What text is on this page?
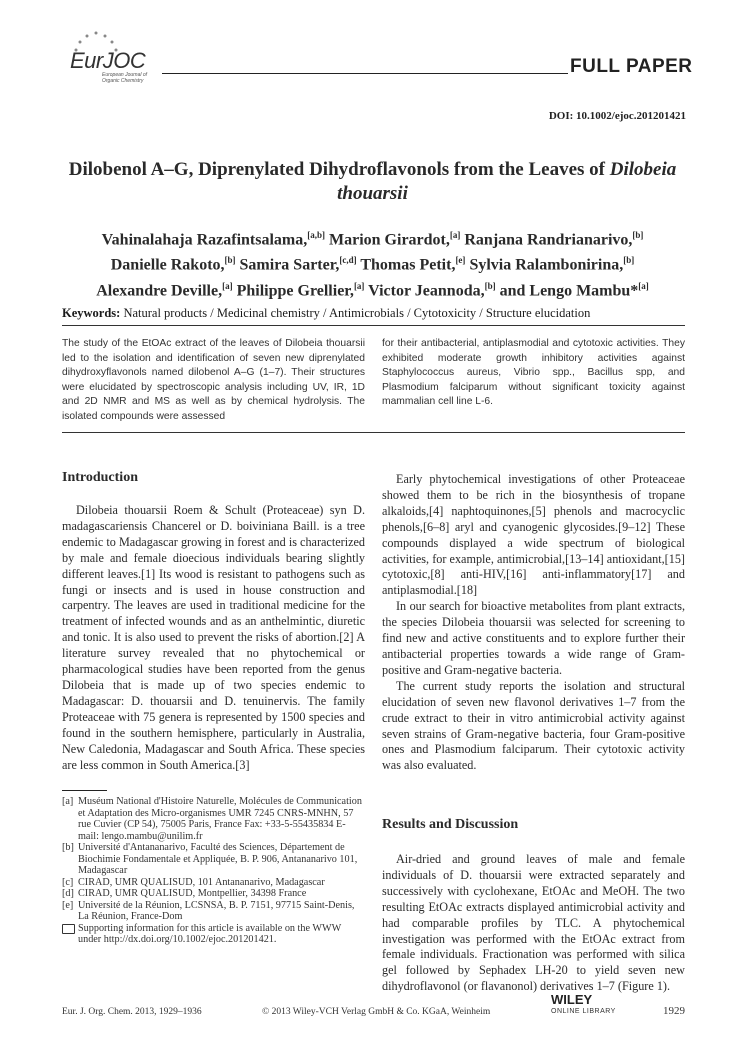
EurJOC
European Journal of Organic Chemistry
FULL PAPER
DOI: 10.1002/ejoc.201201421
Dilobenol A–G, Diprenylated Dihydroflavonols from the Leaves of Dilobeia thouarsii
Vahinalahaja Razafintsalama,[a,b] Marion Girardot,[a] Ranjana Randrianarivo,[b]
Danielle Rakoto,[b] Samira Sarter,[c,d] Thomas Petit,[e] Sylvia Ralambonirina,[b]
Alexandre Deville,[a] Philippe Grellier,[a] Victor Jeannoda,[b] and Lengo Mambu*[a]
Keywords: Natural products / Medicinal chemistry / Antimicrobials / Cytotoxicity / Structure elucidation
The study of the EtOAc extract of the leaves of Dilobeia thouarsii led to the isolation and identification of seven new diprenylated dihydroxyflavonols named dilobenol A–G (1–7). Their structures were elucidated by spectroscopic analysis including UV, IR, 1D and 2D NMR and MS as well as by chemical hydrolysis. The isolated compounds were assessed
for their antibacterial, antiplasmodial and cytotoxic activities. They exhibited moderate growth inhibitory activities against Staphylococcus aureus, Vibrio spp., Bacillus spp, and Plasmodium falciparum without significant toxicity against mammalian cell line L-6.
Introduction

Dilobeia thouarsii Roem & Schult (Proteaceae) syn D. madagascariensis Chancerel or D. boiviniana Baill. is a tree endemic to Madagascar growing in forest and is characterized by male and female dioecious individuals bearing slightly different leaves.[1] Its wood is resistant to pathogens such as fungi or insects and is used in house construction and carpentry. The leaves are used in traditional medicine for the treatment of infected wounds and as an anthelmintic, diuretic and tonic. It is also used to prevent the risks of abortion.[2] A literature survey revealed that no phytochemical or pharmacological studies have been reported from the genus Dilobeia that is made up of two species endemic to Madagascar: D. thouarsii and D. tenuinervis. The family Proteaceae with 75 genera is represented by 1500 species and found in the southern hemisphere, particularly in Australia, New Caledonia, Madagascar and South Africa. These species are less common in South America.[3]

[a] Muséum National d'Histoire Naturelle, Molécules de Communication et Adaptation des Micro-organismes UMR 7245 CNRS-MNHN, 57 rue Cuvier (CP 54), 75005 Paris, France Fax: +33-5-55435834 E-mail: lengo.mambu@unilim.fr
[b] Université d'Antananarivo, Faculté des Sciences, Département de Biochimie Fondamentale et Appliquée, B. P. 906, Antananarivo 101, Madagascar
[c] CIRAD, UMR QUALISUD, 101 Antananarivo, Madagascar
[d] CIRAD, UMR QUALISUD, Montpellier, 34398 France
[e] Université de la Réunion, LCSNSA, B. P. 7151, 97715 Saint-Denis, La Réunion, France-Dom
Supporting information for this article is available on the WWW under http://dx.doi.org/10.1002/ejoc.201201421.

Early phytochemical investigations of other Proteaceae showed them to be rich in the biosynthesis of tropane alkaloids,[4] naphtoquinones,[5] phenols and macrocyclic phenols,[6–8] aryl and cyanogenic glycosides.[9–12] These compounds displayed a wide spectrum of biological activities, for example, antimicrobial,[13–14] antioxidant,[15] cytotoxic,[8] anti-HIV,[16] anti-inflammatory[17] and antiplasmodial.[18]

In our search for bioactive metabolites from plant extracts, the species Dilobeia thouarsii was selected for screening to find new and active constituents and to explore further their antibacterial properties towards a wide range of Gram-positive and Gram-negative bacteria.

The current study reports the isolation and structural elucidation of seven new flavonol derivatives 1–7 from the crude extract to their in vitro antimicrobial activity against seven strains of Gram-negative bacteria, four Gram-positive ones and Plasmodium falciparum. Their cytotoxic activity was also evaluated.

Results and Discussion

Air-dried and ground leaves of male and female individuals of D. thouarsii were extracted separately and successively with cyclohexane, EtOAc and MeOH. The two resulting EtOAc extracts displayed antimicrobial activity and had comparable profiles by TLC. A phytochemical investigation was performed with the EtOAc extract from female individuals. Fractionation was performed with silica gel followed by Sephadex LH-20 to yield seven new dihydroflavonol (or flavanonol) derivatives 1–7 (Figure 1).

Eur. J. Org. Chem. 2013, 1929–1936	© 2013 Wiley-VCH Verlag GmbH & Co. KGaA, Weinheim
WILEY
ONLINE LIBRARY	1929
